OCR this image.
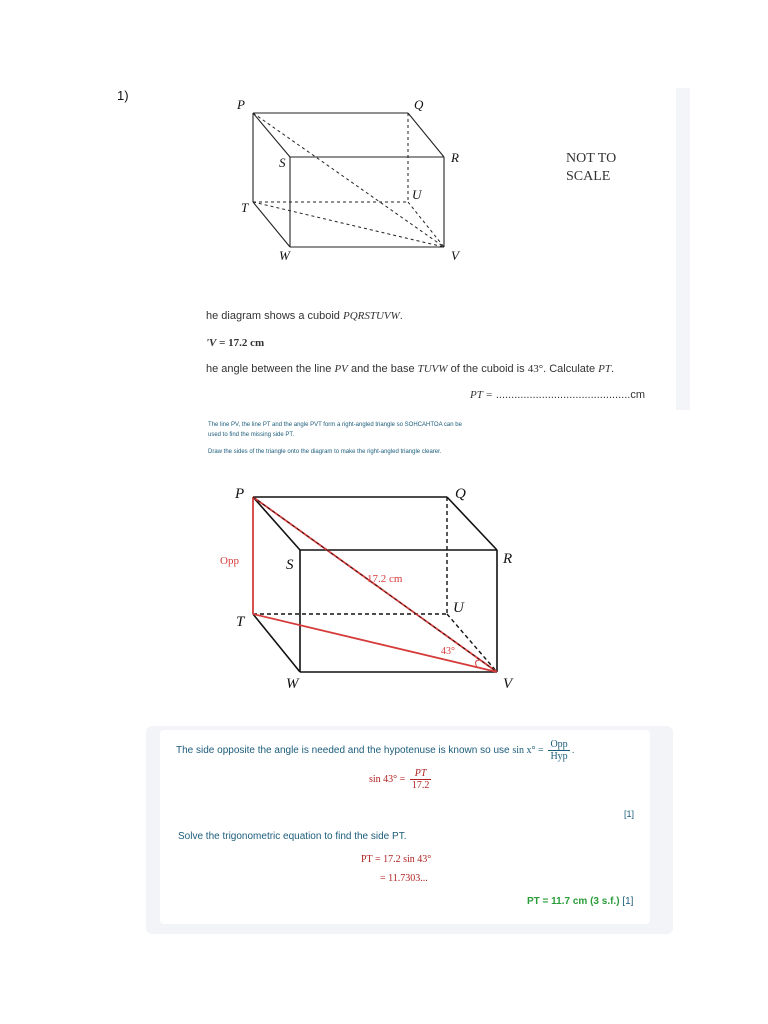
1)
P	Q
S	R
U
T
W	V
NOT TO
SCALE
he diagram shows a cuboid PQRSTUVW.
'V = 17.2 cm
he angle between the line PV and the base TUVW of the cuboid is 43°. Calculate PT.
PT = ............................................cm
The line PV, the line PT and the angle PVT form a right-angled triangle so SOHCAHTOA can be
used to find the missing side PT.
Draw the sides of the triangle onto the diagram to make the right-angled triangle clearer.
P	Q
S	R
U
T
W	V
Opp
17.2 cm
43°
The side opposite the angle is needed and the hypotenuse is known so use $\sin x^\circ = \frac{\text{Opp}}{\text{Hyp}}$ .
$\sin 43^\circ = \frac{PT}{17.2}$
[1]
Solve the trigonometric equation to find the side PT.
PT = 17.2 sin 43°
= 11.7303...
PT = 11.7 cm (3 s.f.) [1]
